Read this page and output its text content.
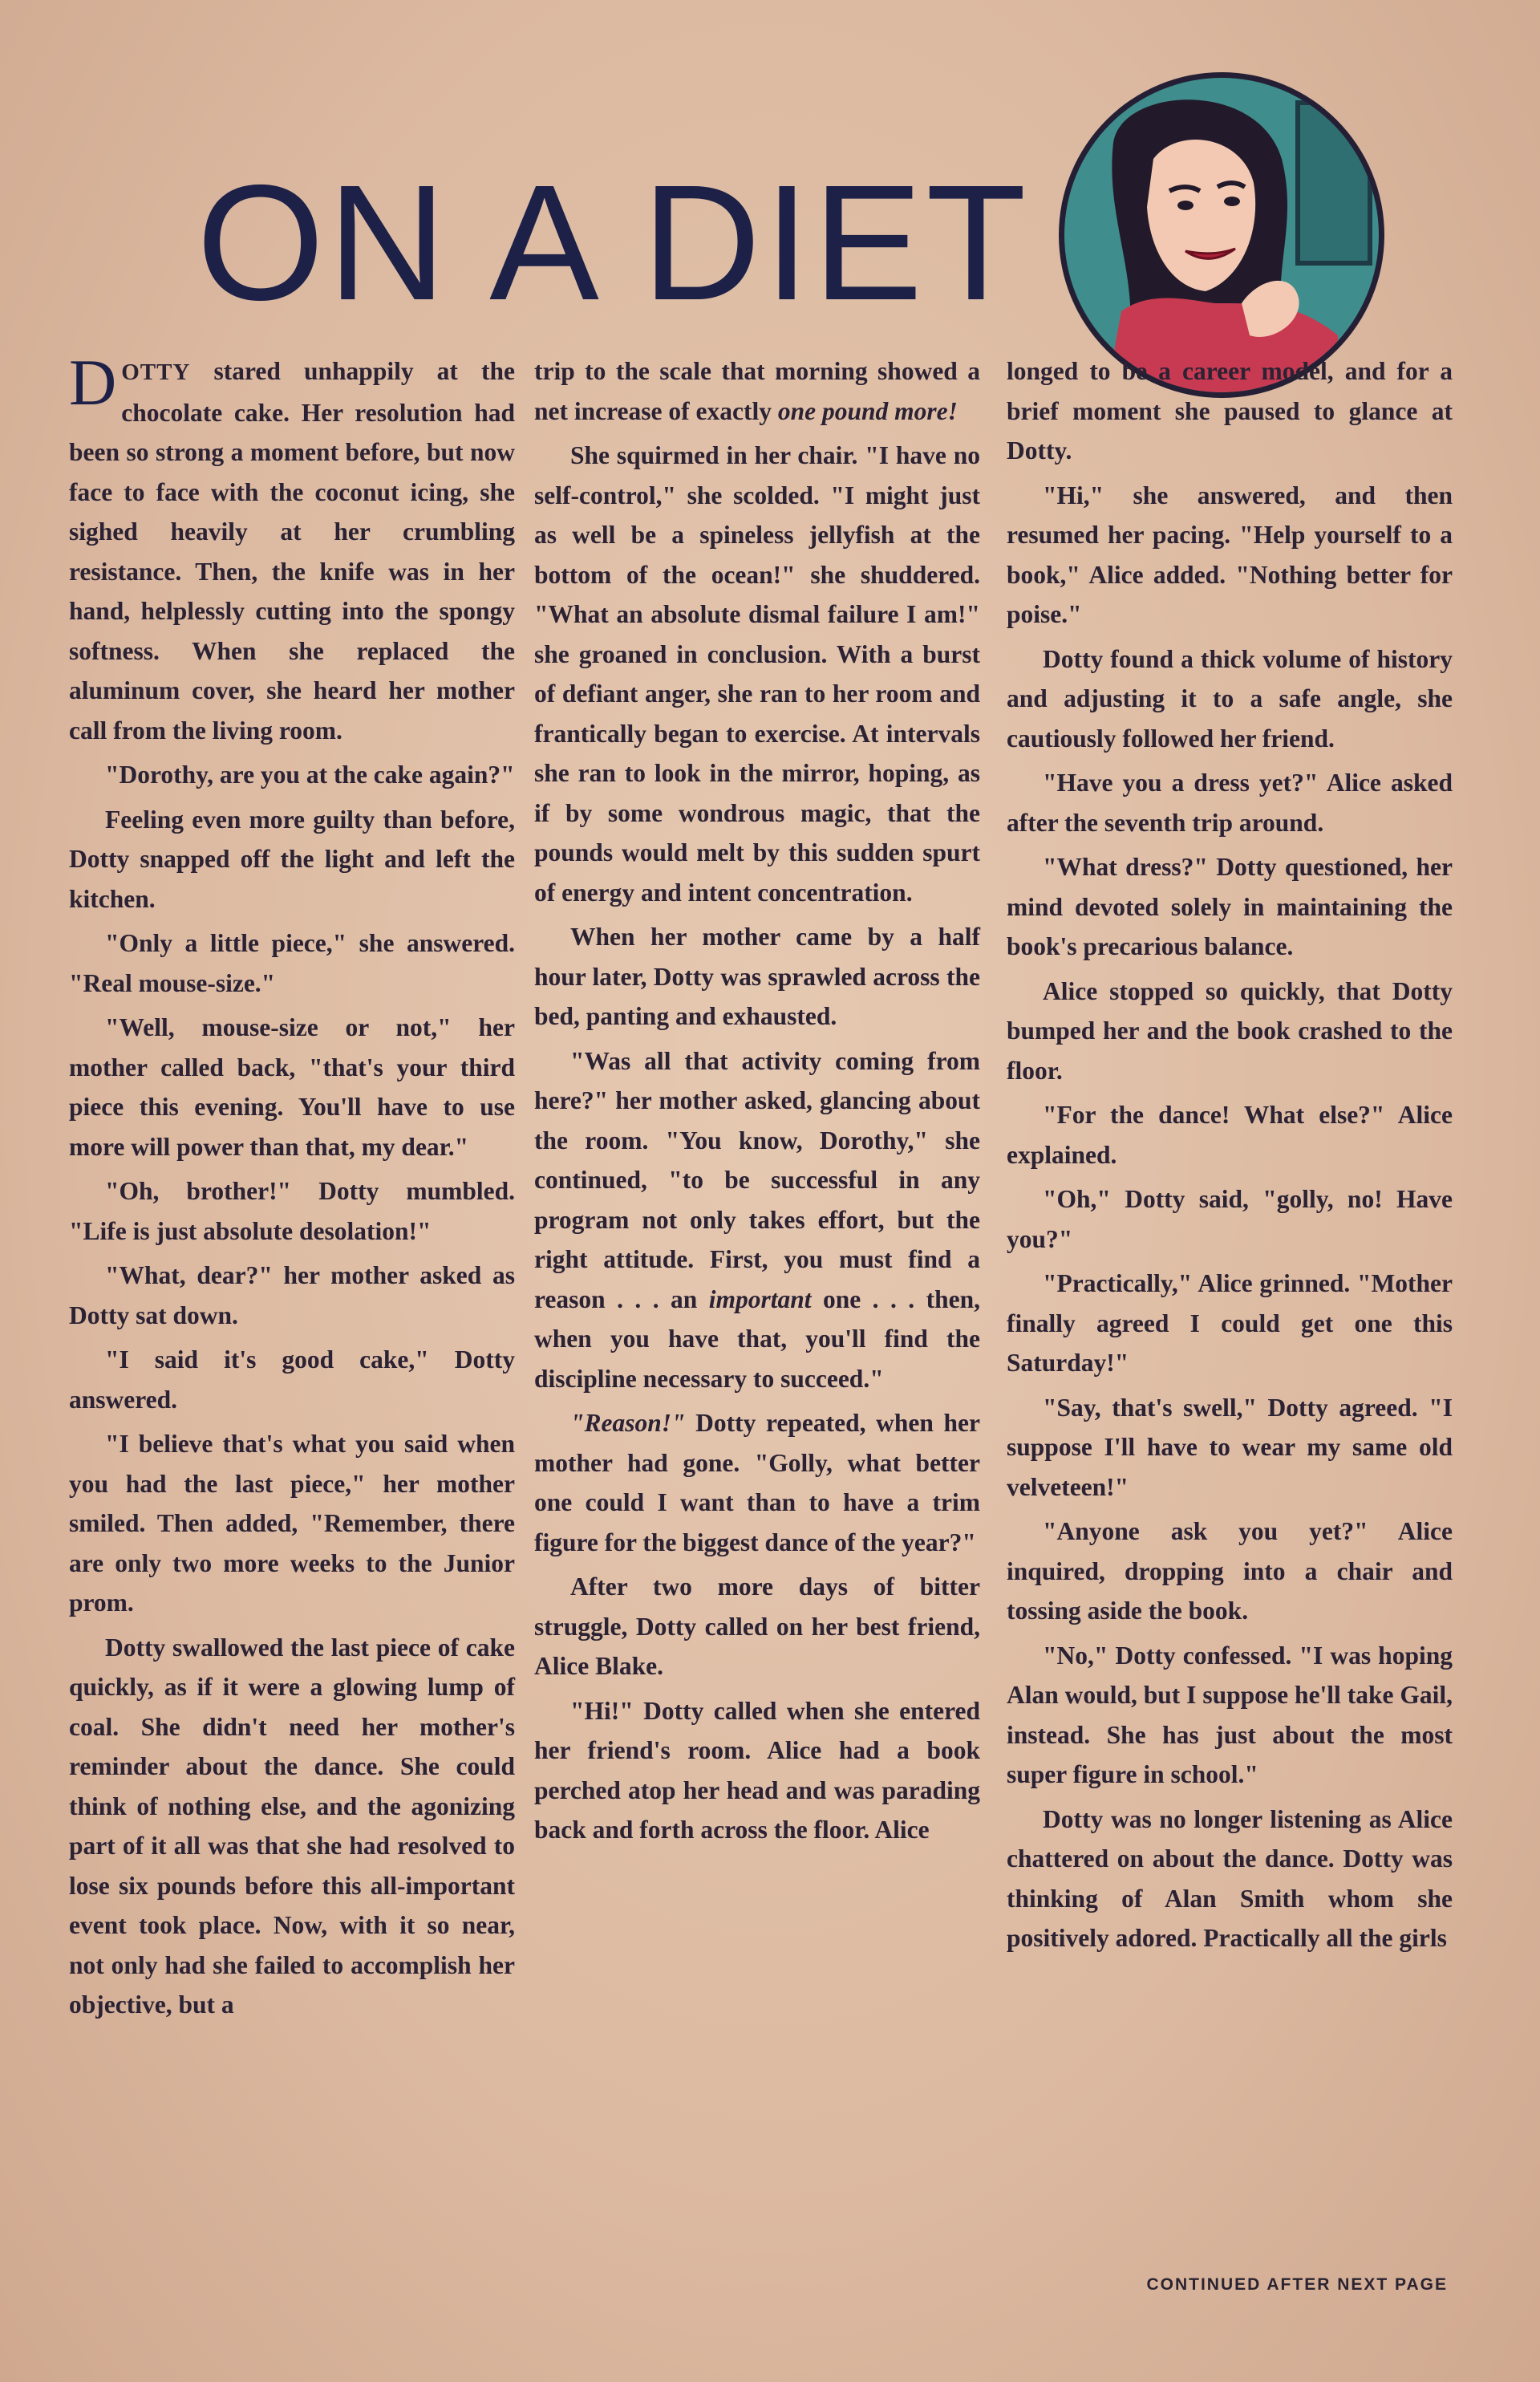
ON A DIET

DOTTY stared unhappily at the chocolate cake. Her resolution had been so strong a moment before, but now face to face with the coconut icing, she sighed heavily at her crumbling resistance. Then, the knife was in her hand, helplessly cutting into the spongy softness. When she replaced the aluminum cover, she heard her mother call from the living room.

"Dorothy, are you at the cake again?"

Feeling even more guilty than before, Dotty snapped off the light and left the kitchen.

"Only a little piece," she answered. "Real mouse-size."

"Well, mouse-size or not," her mother called back, "that's your third piece this evening. You'll have to use more will power than that, my dear."

"Oh, brother!" Dotty mumbled. "Life is just absolute desolation!"

"What, dear?" her mother asked as Dotty sat down.

"I said it's good cake," Dotty answered.

"I believe that's what you said when you had the last piece," her mother smiled. Then added, "Remember, there are only two more weeks to the Junior prom.

Dotty swallowed the last piece of cake quickly, as if it were a glowing lump of coal. She didn't need her mother's reminder about the dance. She could think of nothing else, and the agonizing part of it all was that she had resolved to lose six pounds before this all-important event took place. Now, with it so near, not only had she failed to accomplish her objective, but a

trip to the scale that morning showed a net increase of exactly one pound more!

She squirmed in her chair. "I have no self-control," she scolded. "I might just as well be a spineless jellyfish at the bottom of the ocean!" she shuddered. "What an absolute dismal failure I am!" she groaned in conclusion. With a burst of defiant anger, she ran to her room and frantically began to exercise. At intervals she ran to look in the mirror, hoping, as if by some wondrous magic, that the pounds would melt by this sudden spurt of energy and intent concentration.

When her mother came by a half hour later, Dotty was sprawled across the bed, panting and exhausted.

"Was all that activity coming from here?" her mother asked, glancing about the room. "You know, Dorothy," she continued, "to be successful in any program not only takes effort, but the right attitude. First, you must find a reason . . . an important one . . . then, when you have that, you'll find the discipline necessary to succeed."

"Reason!" Dotty repeated, when her mother had gone. "Golly, what better one could I want than to have a trim figure for the biggest dance of the year?"

After two more days of bitter struggle, Dotty called on her best friend, Alice Blake.

"Hi!" Dotty called when she entered her friend's room. Alice had a book perched atop her head and was parading back and forth across the floor. Alice

longed to be a career model, and for a brief moment she paused to glance at Dotty.

"Hi," she answered, and then resumed her pacing. "Help yourself to a book," Alice added. "Nothing better for poise."

Dotty found a thick volume of history and adjusting it to a safe angle, she cautiously followed her friend.

"Have you a dress yet?" Alice asked after the seventh trip around.

"What dress?" Dotty questioned, her mind devoted solely in maintaining the book's precarious balance.

Alice stopped so quickly, that Dotty bumped her and the book crashed to the floor.

"For the dance! What else?" Alice explained.

"Oh," Dotty said, "golly, no! Have you?"

"Practically," Alice grinned. "Mother finally agreed I could get one this Saturday!"

"Say, that's swell," Dotty agreed. "I suppose I'll have to wear my same old velveteen!"

"Anyone ask you yet?" Alice inquired, dropping into a chair and tossing aside the book.

"No," Dotty confessed. "I was hoping Alan would, but I suppose he'll take Gail, instead. She has just about the most super figure in school."

Dotty was no longer listening as Alice chattered on about the dance. Dotty was thinking of Alan Smith whom she positively adored. Practically all the girls

CONTINUED AFTER NEXT PAGE
